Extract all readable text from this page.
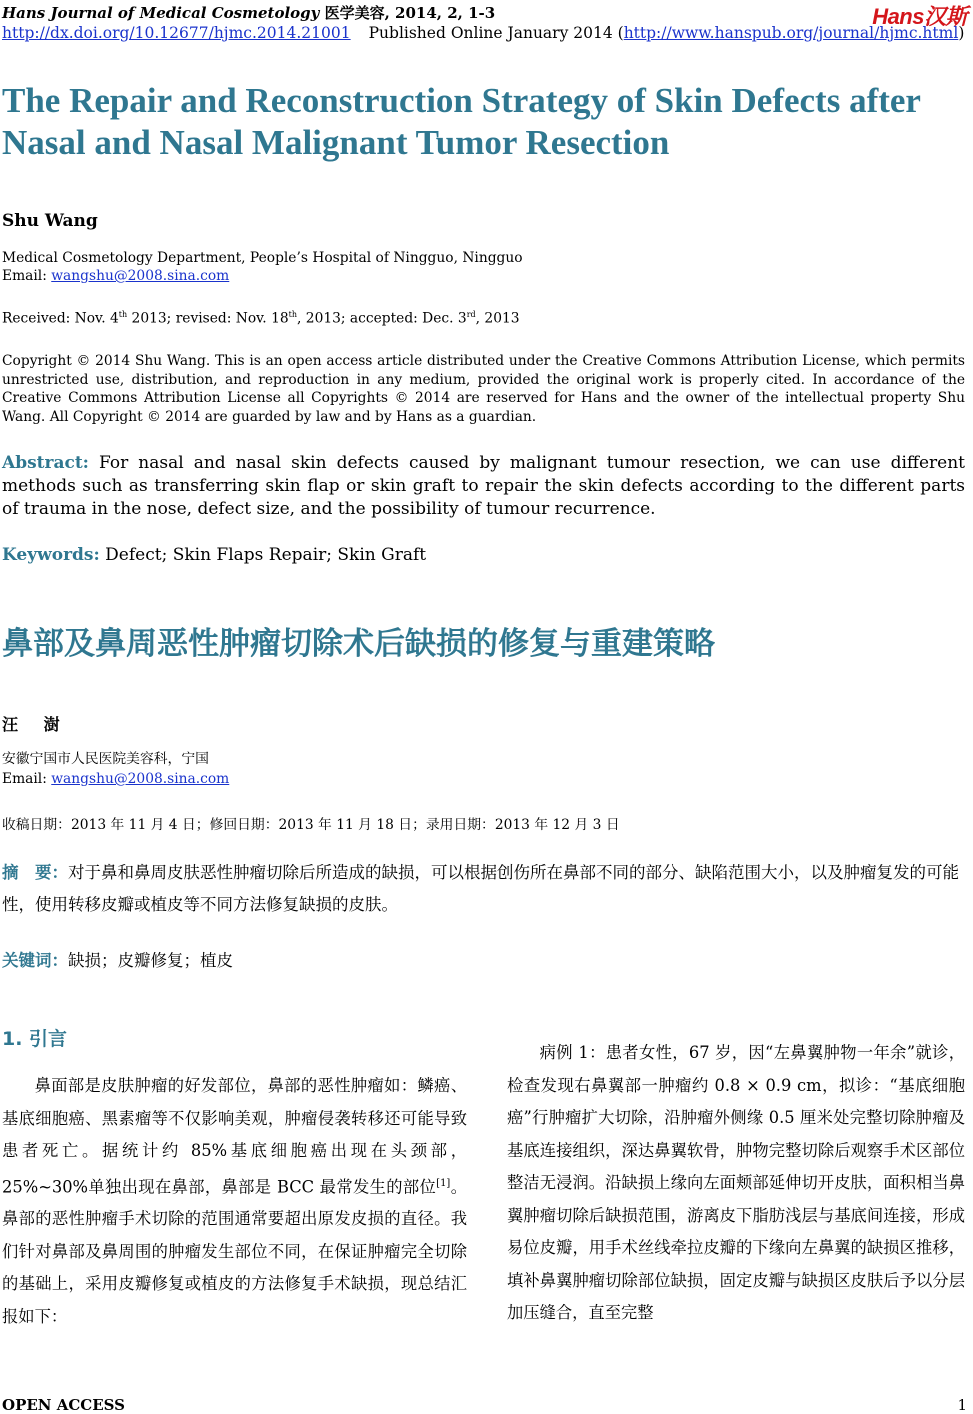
Hans Journal of Medical Cosmetology 医学美容, 2014, 2, 1-3	Hans汉斯
http://dx.doi.org/10.12677/hjmc.2014.21001 Published Online January 2014 (http://www.hanspub.org/journal/hjmc.html)
The Repair and Reconstruction Strategy of Skin Defects after Nasal and Nasal Malignant Tumor Resection
Shu Wang
Medical Cosmetology Department, People’s Hospital of Ningguo, Ningguo
Email: wangshu@2008.sina.com
Received: Nov. 4th 2013; revised: Nov. 18th, 2013; accepted: Dec. 3rd, 2013
Copyright © 2014 Shu Wang. This is an open access article distributed under the Creative Commons Attribution License, which permits unrestricted use, distribution, and reproduction in any medium, provided the original work is properly cited. In accordance of the Creative Commons Attribution License all Copyrights © 2014 are reserved for Hans and the owner of the intellectual property Shu Wang. All Copyright © 2014 are guarded by law and by Hans as a guardian.
Abstract: For nasal and nasal skin defects caused by malignant tumour resection, we can use different methods such as transferring skin flap or skin graft to repair the skin defects according to the different parts of trauma in the nose, defect size, and the possibility of tumour recurrence.
Keywords: Defect; Skin Flaps Repair; Skin Graft
鼻部及鼻周恶性肿瘤切除术后缺损的修复与重建策略
汪 澍
安徽宁国市人民医院美容科，宁国
Email: wangshu@2008.sina.com
收稿日期：2013 年 11 月 4 日；修回日期：2013 年 11 月 18 日；录用日期：2013 年 12 月 3 日
摘　要：对于鼻和鼻周皮肤恶性肿瘤切除后所造成的缺损，可以根据创伤所在鼻部不同的部分、缺陷范围大小，以及肿瘤复发的可能性，使用转移皮瓣或植皮等不同方法修复缺损的皮肤。
关键词：缺损；皮瓣修复；植皮
1. 引言
鼻面部是皮肤肿瘤的好发部位，鼻部的恶性肿瘤如：鳞癌、基底细胞癌、黑素瘤等不仅影响美观，肿瘤侵袭转移还可能导致患者死亡。据统计约 85%基底细胞癌出现在头颈部，25%~30%单独出现在鼻部，鼻部是 BCC 最常发生的部位[1]。鼻部的恶性肿瘤手术切除的范围通常要超出原发皮损的直径。我们针对鼻部及鼻周围的肿瘤发生部位不同，在保证肿瘤完全切除的基础上，采用皮瓣修复或植皮的方法修复手术缺损，现总结汇报如下：
病例 1：患者女性，67 岁，因“左鼻翼肿物一年余”就诊，检查发现右鼻翼部一肿瘤约 0.8 × 0.9 cm，拟诊：“基底细胞癌”行肿瘤扩大切除，沿肿瘤外侧缘 0.5 厘米处完整切除肿瘤及基底连接组织，深达鼻翼软骨，肿物完整切除后观察手术区部位整洁无浸润。沿缺损上缘向左面颊部延伸切开皮肤，面积相当鼻翼肿瘤切除后缺损范围，游离皮下脂肪浅层与基底间连接，形成易位皮瓣，用手术丝线牵拉皮瓣的下缘向左鼻翼的缺损区推移，填补鼻翼肿瘤切除部位缺损，固定皮瓣与缺损区皮肤后予以分层加压缝合，直至完整
OPEN ACCESS	1
